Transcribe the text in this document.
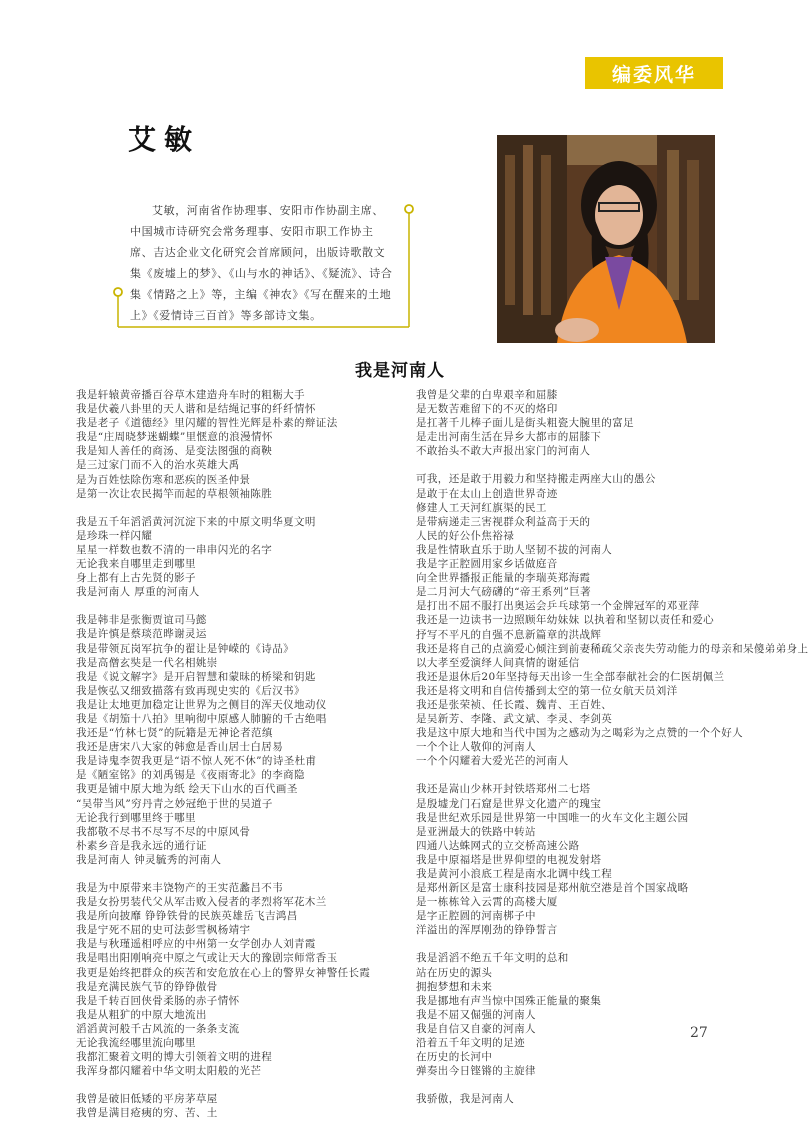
编委风华
艾敏

艾敏，河南省作协理事、安阳市作协副主席、中国城市诗研究会常务理事、安阳市职工作协主席、吉达企业文化研究会首席顾问，出版诗歌散文集《废墟上的梦》、《山与水的神话》、《疑流》、诗合集《情路之上》等，主编《神农》《写在醒来的土地上》《爱情诗三百首》等多部诗文集。

我是河南人
我是轩辕黄帝播百谷草木建造舟车时的粗粝大手
我是伏羲八卦里的天人谐和是结绳记事的纤纤情怀
我是老子《道德经》里闪耀的智性光辉是朴素的辩证法
我是“庄周晓梦迷蝴蝶”里惬意的浪漫情怀
我是知人善任的商汤、是变法图强的商鞅
是三过家门而不入的治水英雄大禹
是为百姓怯除伤寒和恶疾的医圣仲景
是第一次让农民揭竿而起的草根领袖陈胜
我是五千年滔滔黄河沉淀下来的中原文明华夏文明
是珍珠一样闪耀
星星一样数也数不清的一串串闪光的名字
无论我来自哪里走到哪里
身上都有上古先贤的影子
我是河南人 厚重的河南人
我是韩非是张衡贾谊司马懿
我是许慎是蔡琰范晔谢灵运
我是带领瓦岗军抗争的翟让是钟嵘的《诗品》
我是高僧玄奘是一代名相姚崇
我是《说文解字》是开启智慧和蒙昧的桥梁和钥匙
我是恢弘又细致描落有致再现史实的《后汉书》
我是让太地更加稳定让世界为之侧目的浑天仪地动仪
我是《胡笳十八拍》里响彻中原感人肺腑的千古绝唱
我还是“竹林七贤”的阮籍是无神论者范缜
我还是唐宋八大家的韩愈是香山居士白居易
我是诗鬼李贺我更是“语不惊人死不休”的诗圣杜甫
是《陋室铭》的刘禹锡是《夜雨寄北》的李商隐
我更是铺中原大地为纸 绘天下山水的百代画圣
“吴带当风”穷丹青之妙冠绝于世的吴道子
无论我行到哪里终于哪里
我都敬不尽书不尽写不尽的中原风骨
朴素乡音是我永远的通行证
我是河南人 钟灵毓秀的河南人
我是为中原带来丰饶物产的王实范蠡吕不韦
我是女扮男装代父从军击败入侵者的孝烈将军花木兰
我是所向披靡 铮铮铁骨的民族英雄岳飞吉鸿昌
我是宁死不屈的史可法彭雪枫杨靖宇
我是与秋瑾遥相呼应的中州第一女学创办人刘青霞
我是唱出阳刚响亮中原之气或让天大的豫剧宗师常香玉
我更是始终把群众的疾苦和安危放在心上的警界女神警任长霞
我是充满民族气节的铮铮傲骨
我是千转百回侠骨柔肠的赤子情怀
我是从粗犷的中原大地流出
滔滔黄河般千古风流的一条条支流
无论我流经哪里流向哪里
我都汇聚着文明的博大引领着文明的进程
我浑身都闪耀着中华文明太阳般的光芒
我曾是破旧低矮的平房茅草屋
我曾是满目疮痍的穷、苦、土
我曾是父辈的白卑艰辛和屈膝
是无数苦难留下的不灭的烙印
是扛著千儿棒子面儿是街头粗瓷大腕里的富足
是走出河南生活在异乡大都市的屈膝下
不敢抬头不敢大声报出家门的河南人
可我，还是敢于用毅力和坚持搬走两座大山的愚公
是敢于在太山上创造世界奇迹
修建人工天河红旗渠的民工
是带病递走三害视群众利益高于天的
人民的好公仆焦裕禄
我是性情耿直乐于助人坚韧不拔的河南人
我是字正腔圆用家乡话做庭音
向全世界播报正能量的李瑞英郑海霞
是二月河大气磅礴的“帝王系列”巨著
是打出不屈不服打出奥运会乒乓球第一个金牌冠军的邓亚萍
我还是一边读书一边照顾年幼妹妹 以执着和坚韧以责任和爱心
抒写不平凡的自强不息新篇章的洪战辉
我还是将自己的点滴爱心倾注到前妻稀疏父亲丧失劳动能力的母亲和呆傻弟弟身上
以大孝至爱演绎人间真情的谢延信
我还是退休后20年坚持每天出诊一生全部奉献社会的仁医胡佩兰
我还是将文明和自信传播到太空的第一位女航天员刘洋
我还是张荣祯、任长霞、魏青、王百姓、
是吴新芳、李隆、武文斌、李灵、李剑英
我是这中原大地和当代中国为之感动为之喝彩为之点赞的一个个好人
一个个让人敬仰的河南人
一个个闪耀着大爱光芒的河南人
我还是嵩山少林开封铁塔郑州二七塔
是殷墟龙门石窟是世界文化遗产的瑰宝
我是世纪欢乐园是世界第一中国唯一的火车文化主题公园
是亚洲最大的铁路中转站
四通八达蛛网式的立交桥高速公路
我是中原福塔是世界仰望的电视发射塔
我是黄河小浪底工程是南水北调中线工程
是郑州新区是富士康科技园是郑州航空港是首个国家战略
是一栋栋耸入云霄的高楼大厦
是字正腔圆的河南梆子中
洋溢出的浑厚刚劲的铮铮誓言
我是滔滔不绝五千年文明的总和
站在历史的源头
拥抱梦想和未来
我是挪地有声当惊中国殊正能量的聚集
我是不屈又倔强的河南人
我是自信又自豪的河南人
沿着五千年文明的足迹
在历史的长河中
弹奏出今日铿锵的主旋律
我骄傲，我是河南人
27
